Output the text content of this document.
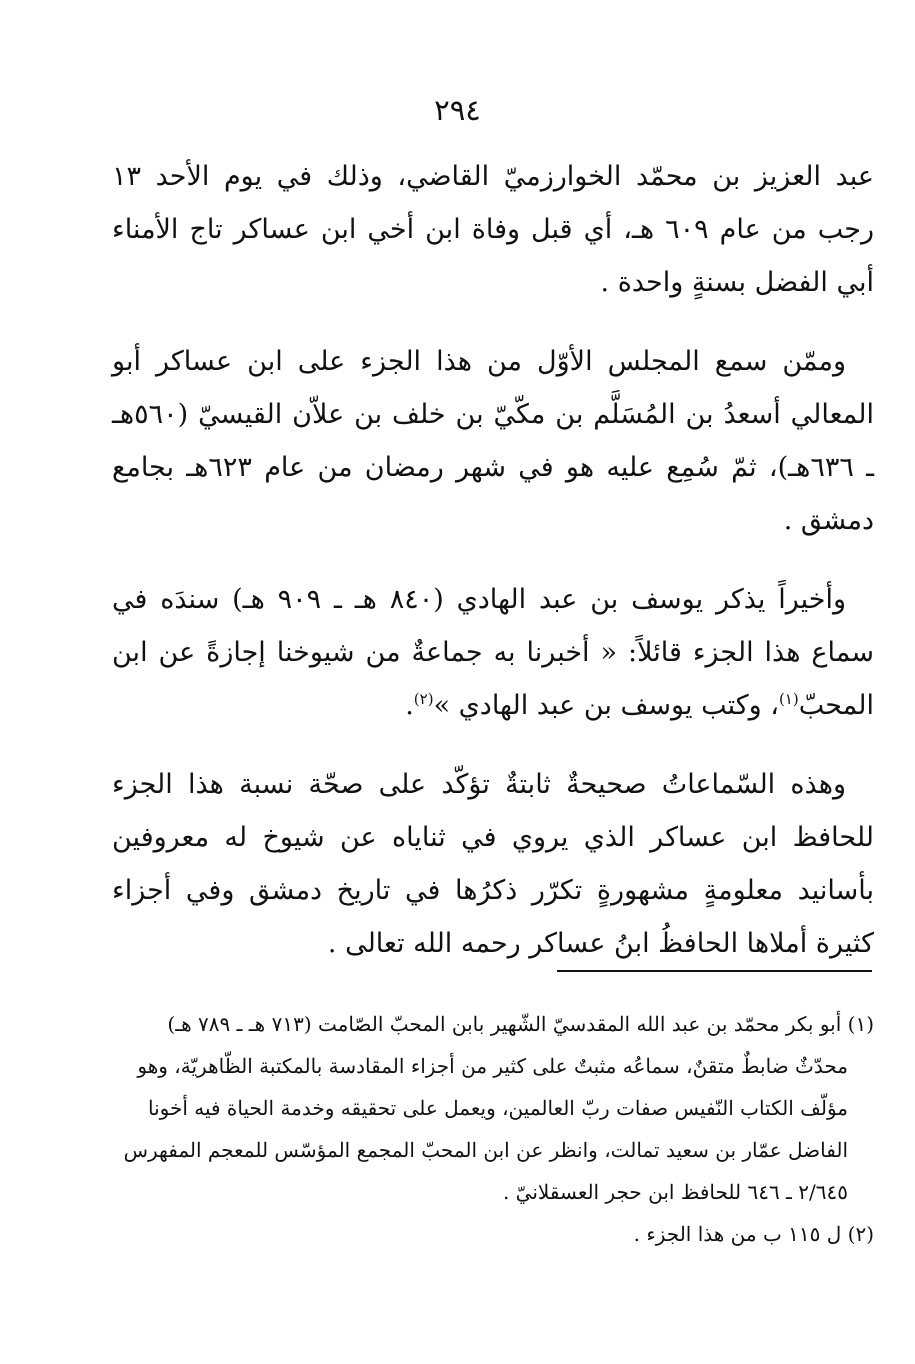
٢٩٤

عبد العزيز بن محمّد الخوارزميّ القاضي، وذلك في يوم الأحد ١٣ رجب من عام ٦٠٩ هـ، أي قبل وفاة ابن أخي ابن عساكر تاج الأمناء أبي الفضل بسنةٍ واحدة .

وممّن سمع المجلس الأوّل من هذا الجزء على ابن عساكر أبو المعالي أسعدُ بن المُسَلَّم بن مكّيّ بن خلف بن علاّن القيسيّ (٥٦٠هـ ـ ٦٣٦هـ)، ثمّ سُمِع عليه هو في شهر رمضان من عام ٦٢٣هـ بجامع دمشق .

وأخيراً يذكر يوسف بن عبد الهادي (٨٤٠ هـ ـ ٩٠٩ هـ) سندَه في سماع هذا الجزء قائلاً: « أخبرنا به جماعةٌ من شيوخنا إجازةً عن ابن المحبّ$^{(١)}$، وكتب يوسف بن عبد الهادي »$^{(٢)}$.

وهذه السّماعاتُ صحيحةٌ ثابتةٌ تؤكّد على صحّة نسبة هذا الجزء للحافظ ابن عساكر الذي يروي في ثناياه عن شيوخ له معروفين بأسانيد معلومةٍ مشهورةٍ تكرّر ذكرُها في تاريخ دمشق وفي أجزاء كثيرة أملاها الحافظُ ابنُ عساكر رحمه الله تعالى .

(١) أبو بكر محمّد بن عبد الله المقدسيّ الشّهير بابن المحبّ الصّامت (٧١٣ هـ ـ ٧٨٩ هـ)
محدّثٌ ضابطٌ متقنٌ، سماعُه مثبتٌ على كثير من أجزاء المقادسة بالمكتبة الظّاهريّة، وهو
مؤلّف الكتاب النّفيس صفات ربّ العالمين، ويعمل على تحقيقه وخدمة الحياة فيه أخونا
الفاضل عمّار بن سعيد تمالت، وانظر عن ابن المحبّ المجمع المؤسّس للمعجم المفهرس
٢/٦٤٥ ـ ٦٤٦ للحافظ ابن حجر العسقلانيّ .

(٢) ل ١١٥ ب من هذا الجزء .
